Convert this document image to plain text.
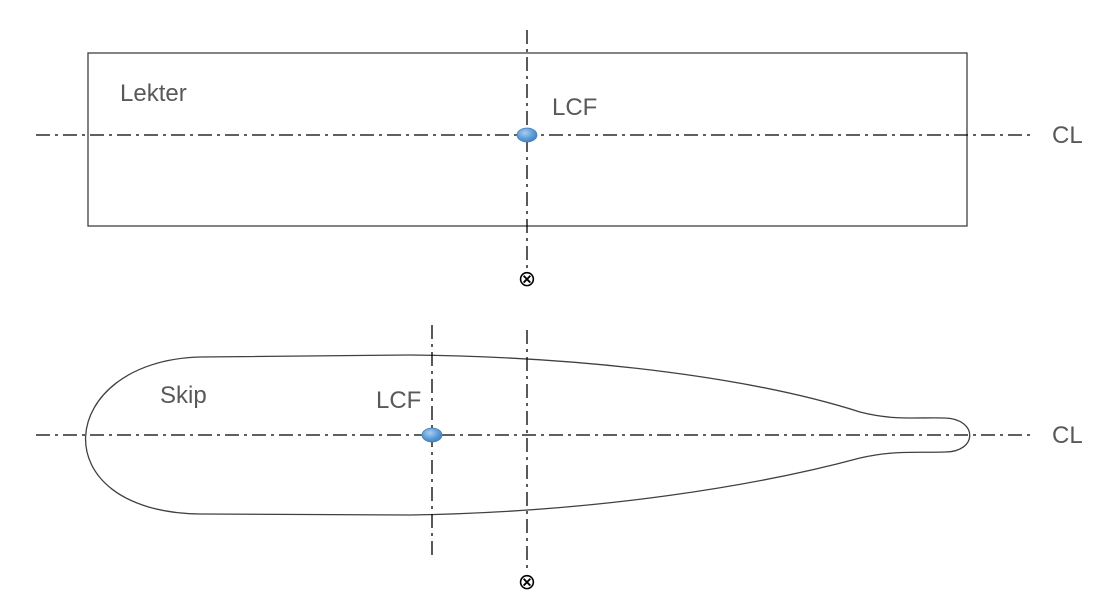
Lekter
LCF
CL
⊗
Skip	LCF
CL
⊗
